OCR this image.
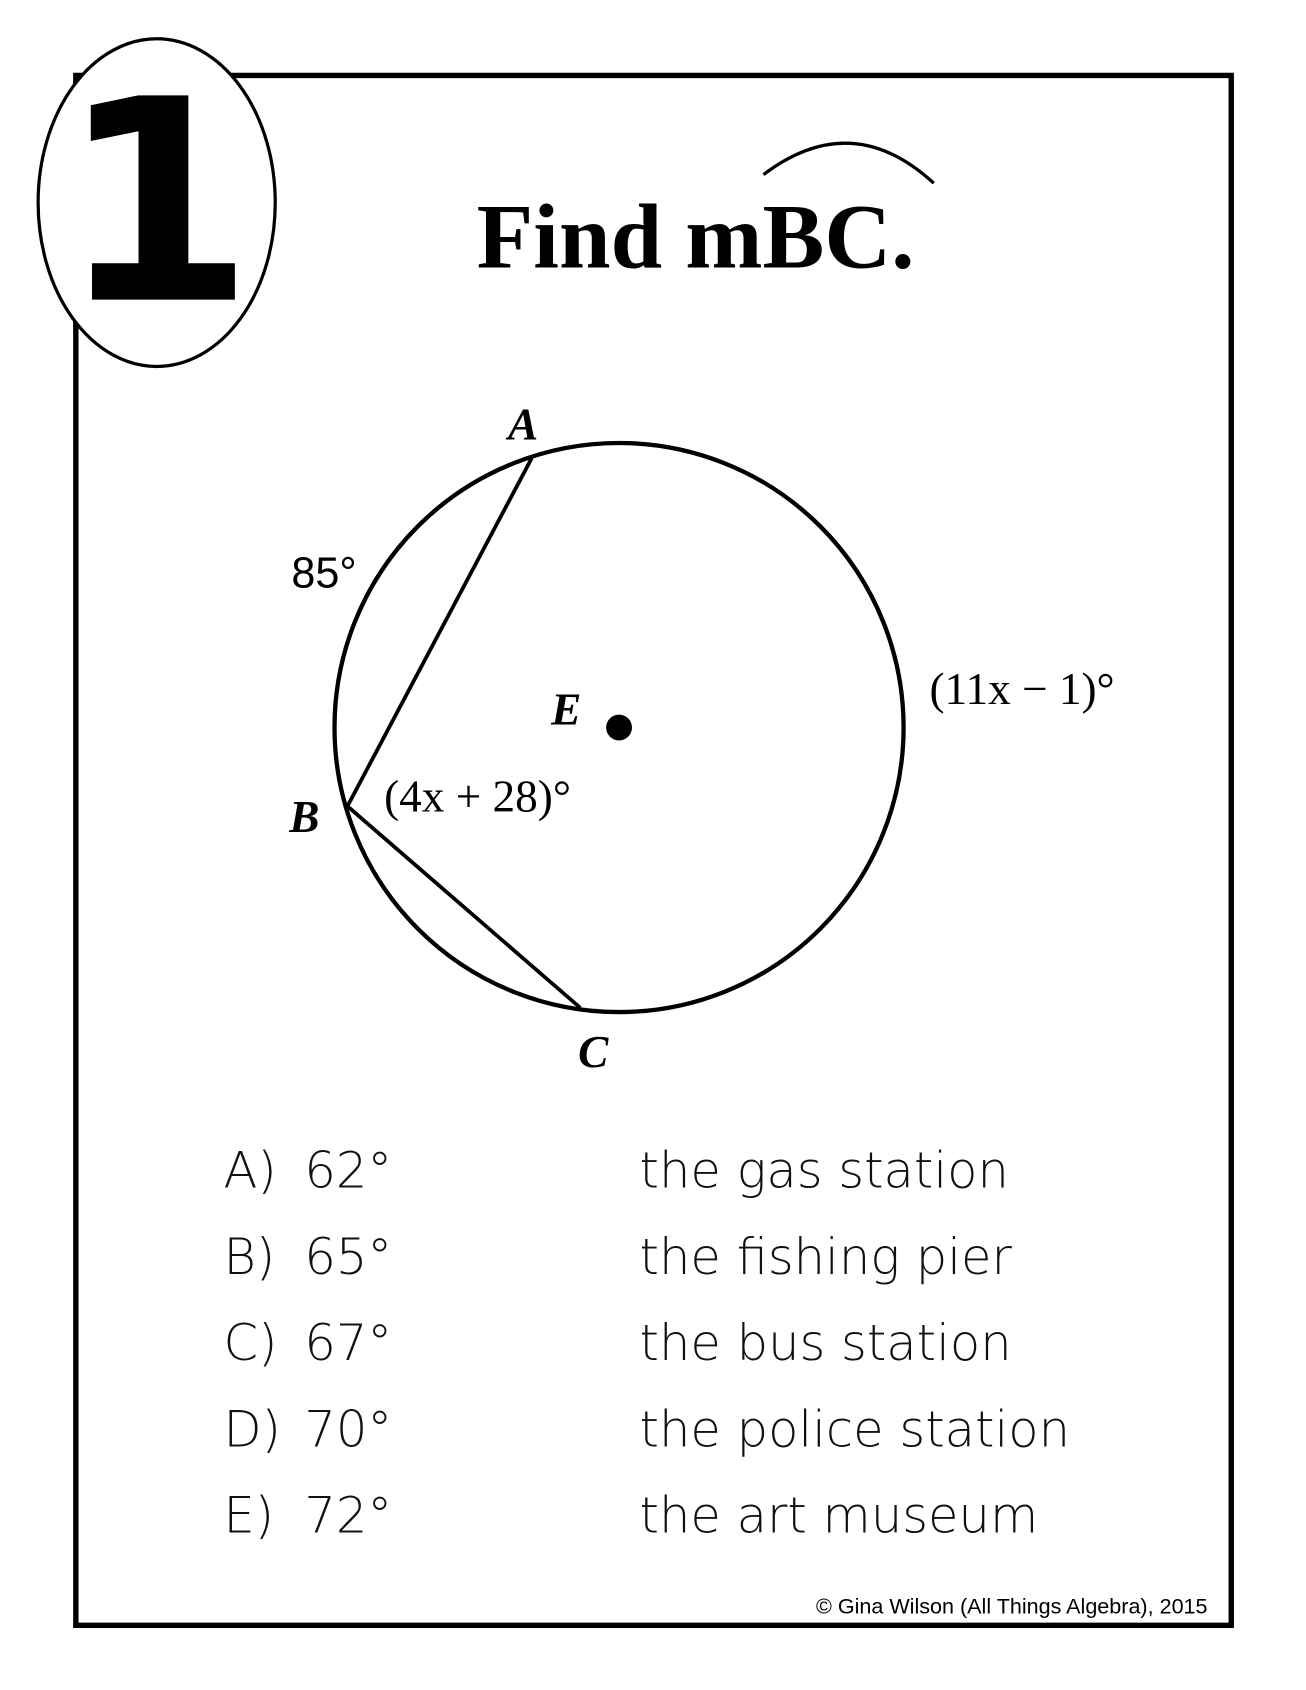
1	Find mBC.
A
B
C
E
85°
(11x − 1)°
(4x + 28)°
A) 62°	the gas station
B) 65°	the fishing pier
C) 67°	the bus station
D) 70°	the police station
E) 72°	the art museum
© Gina Wilson (All Things Algebra), 2015
